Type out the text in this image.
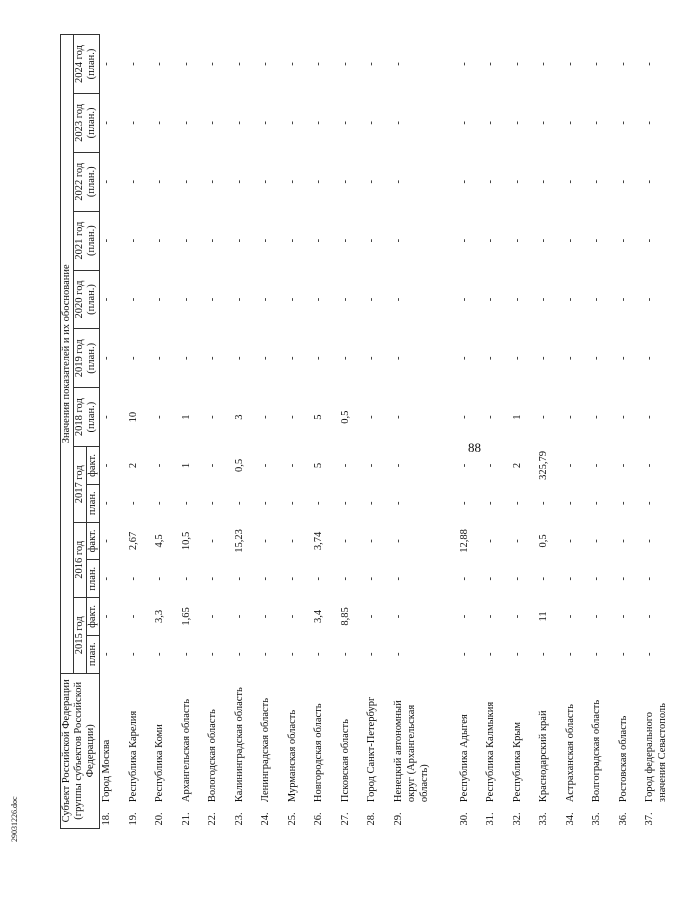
88
29031226.doc	Субъект Российской Федерации (группы субъектов Российской Федерации)		Значения показателей и их обоснование												
		2015 год		2016 год		2017 год		2018 год (план.)	2019 год (план.)	2020 год (план.)	2021 год (план.)	2022 год (план.)	2023 год (план.)	2024 год (план.)
		план.	факт.	план.	факт.	план.	факт.							
18.	Город Москва	-	-	-	-	-	-	-	-	-	-	-	-	-
19.	Республика Карелия	-	-	-	2,67	-	2	10	-	-	-	-	-	-
20.	Республика Коми	-	3,3	-	4,5	-	-	-	-	-	-	-	-	-
21.	Архангельская область	-	1,65	-	10,5	-	1	1	-	-	-	-	-	-
22.	Вологодская область	-	-	-	-	-	-	-	-	-	-	-	-	-
23.	Калининградская область	-	-	-	15,23	-	0,5	3	-	-	-	-	-	-
24.	Ленинградская область	-	-	-	-	-	-	-	-	-	-	-	-	-
25.	Мурманская область	-	-	-	-	-	-	-	-	-	-	-	-	-
26.	Новгородская область	-	3,4	-	3,74	-	5	5	-	-	-	-	-	-
27.	Псковская область	-	8,85	-	-	-	-	0,5	-	-	-	-	-	-
28.	Город Санкт-Петербург	-	-	-	-	-	-	-	-	-	-	-	-	-
29.	Ненецкий автономный округ (Архангельская область)	-	-	-	-	-	-	-	-	-	-	-	-	-
30.	Республика Адыгея	-	-	-	12,88	-	-	-	-	-	-	-	-	-
31.	Республика Калмыкия	-	-	-	-	-	-	-	-	-	-	-	-	-
32.	Республика Крым	-	-	-	-	-	2	1	-	-	-	-	-	-
33.	Краснодарский край	-	11	-	0,5	-	325,79	-	-	-	-	-	-	-
34.	Астраханская область	-	-	-	-	-	-	-	-	-	-	-	-	-
35.	Волгоградская область	-	-	-	-	-	-	-	-	-	-	-	-	-
36.	Ростовская область	-	-	-	-	-	-	-	-	-	-	-	-	-
37.	Город федерального значения Севастополь	-	-	-	-	-	-	-	-	-	-	-	-	-
